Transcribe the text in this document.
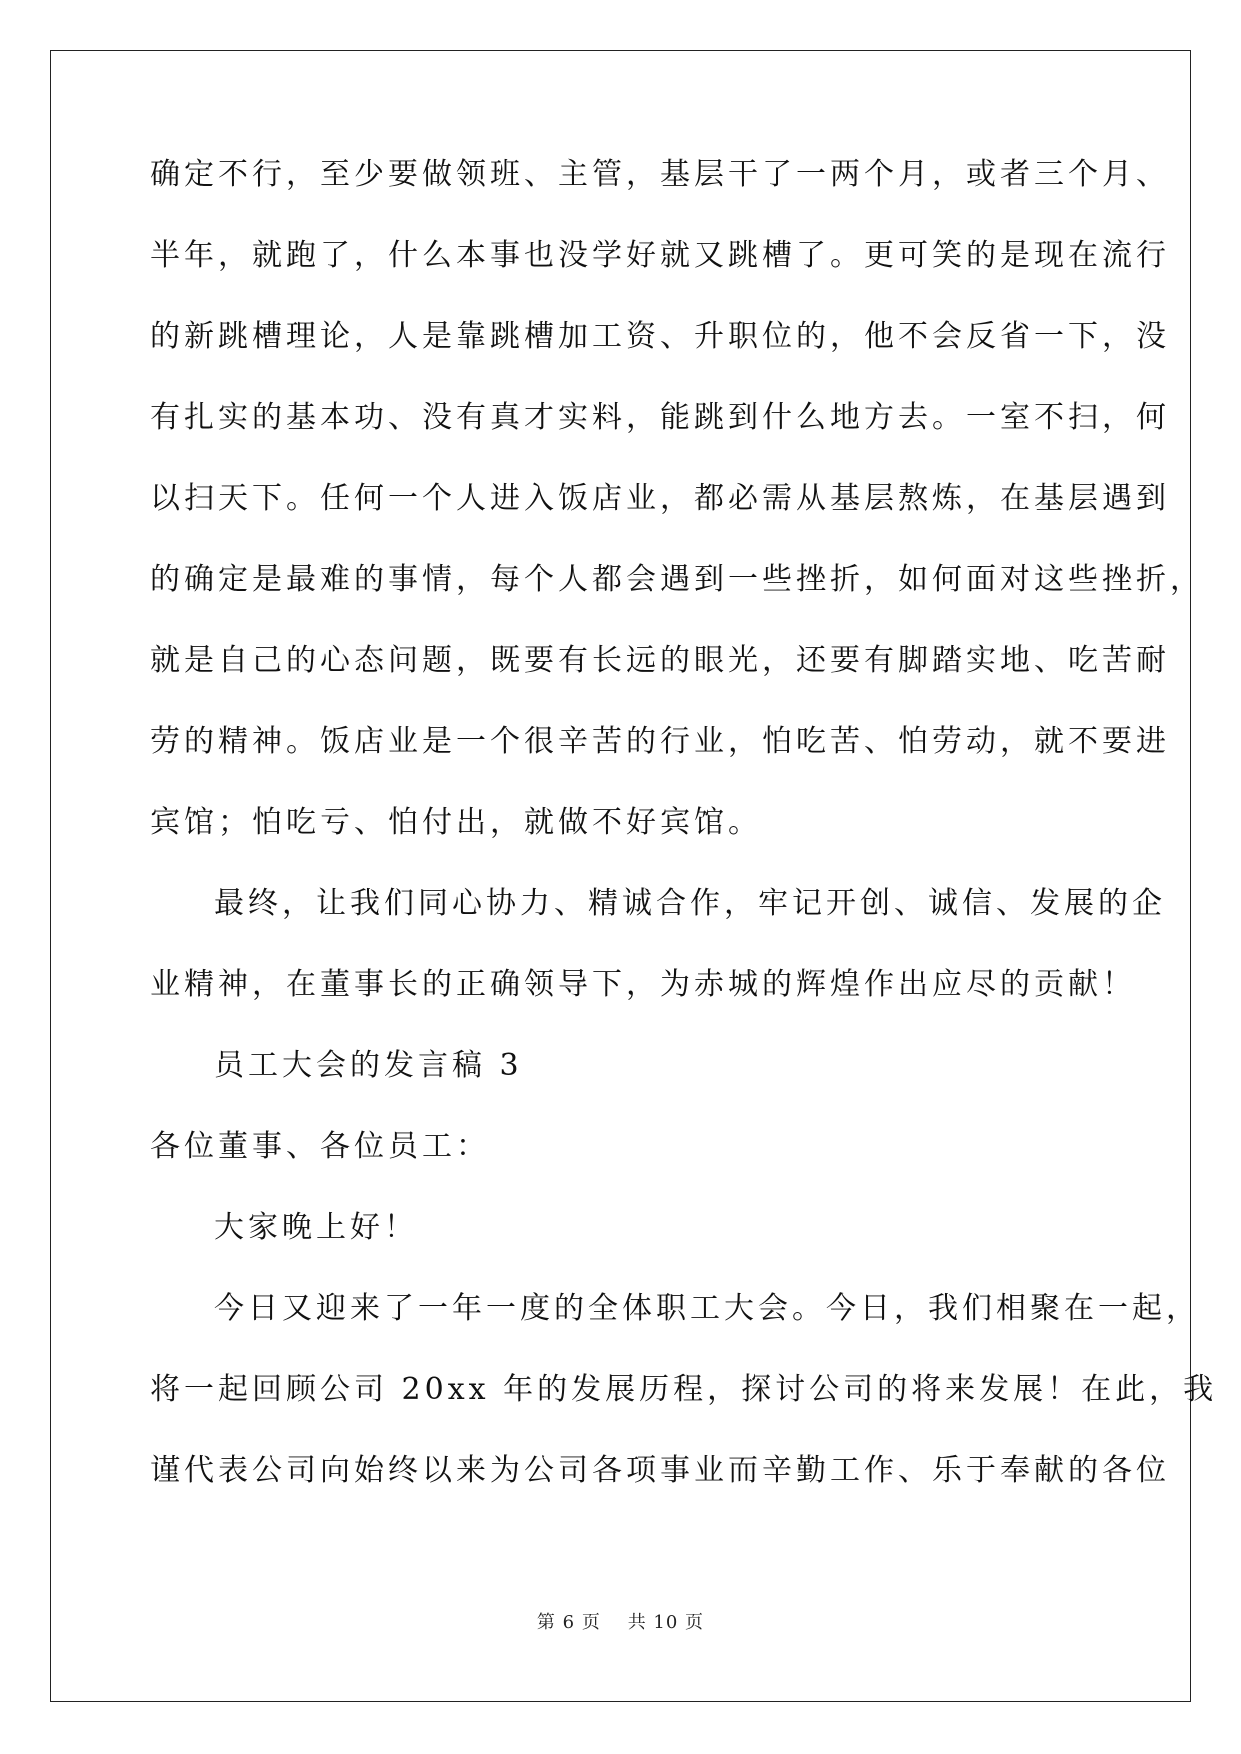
确定不行，至少要做领班、主管，基层干了一两个月，或者三个月、

半年，就跑了，什么本事也没学好就又跳槽了。更可笑的是现在流行

的新跳槽理论，人是靠跳槽加工资、升职位的，他不会反省一下，没

有扎实的基本功、没有真才实料，能跳到什么地方去。一室不扫，何

以扫天下。任何一个人进入饭店业，都必需从基层熬炼，在基层遇到

的确定是最难的事情，每个人都会遇到一些挫折，如何面对这些挫折，

就是自己的心态问题，既要有长远的眼光，还要有脚踏实地、吃苦耐

劳的精神。饭店业是一个很辛苦的行业，怕吃苦、怕劳动，就不要进

宾馆；怕吃亏、怕付出，就做不好宾馆。

最终，让我们同心协力、精诚合作，牢记开创、诚信、发展的企

业精神，在董事长的正确领导下，为赤城的辉煌作出应尽的贡献！

员工大会的发言稿 3

各位董事、各位员工：

大家晚上好！

今日又迎来了一年一度的全体职工大会。今日，我们相聚在一起，

将一起回顾公司 20xx 年的发展历程，探讨公司的将来发展！在此，我

谨代表公司向始终以来为公司各项事业而辛勤工作、乐于奉献的各位

第 6 页    共 10 页
